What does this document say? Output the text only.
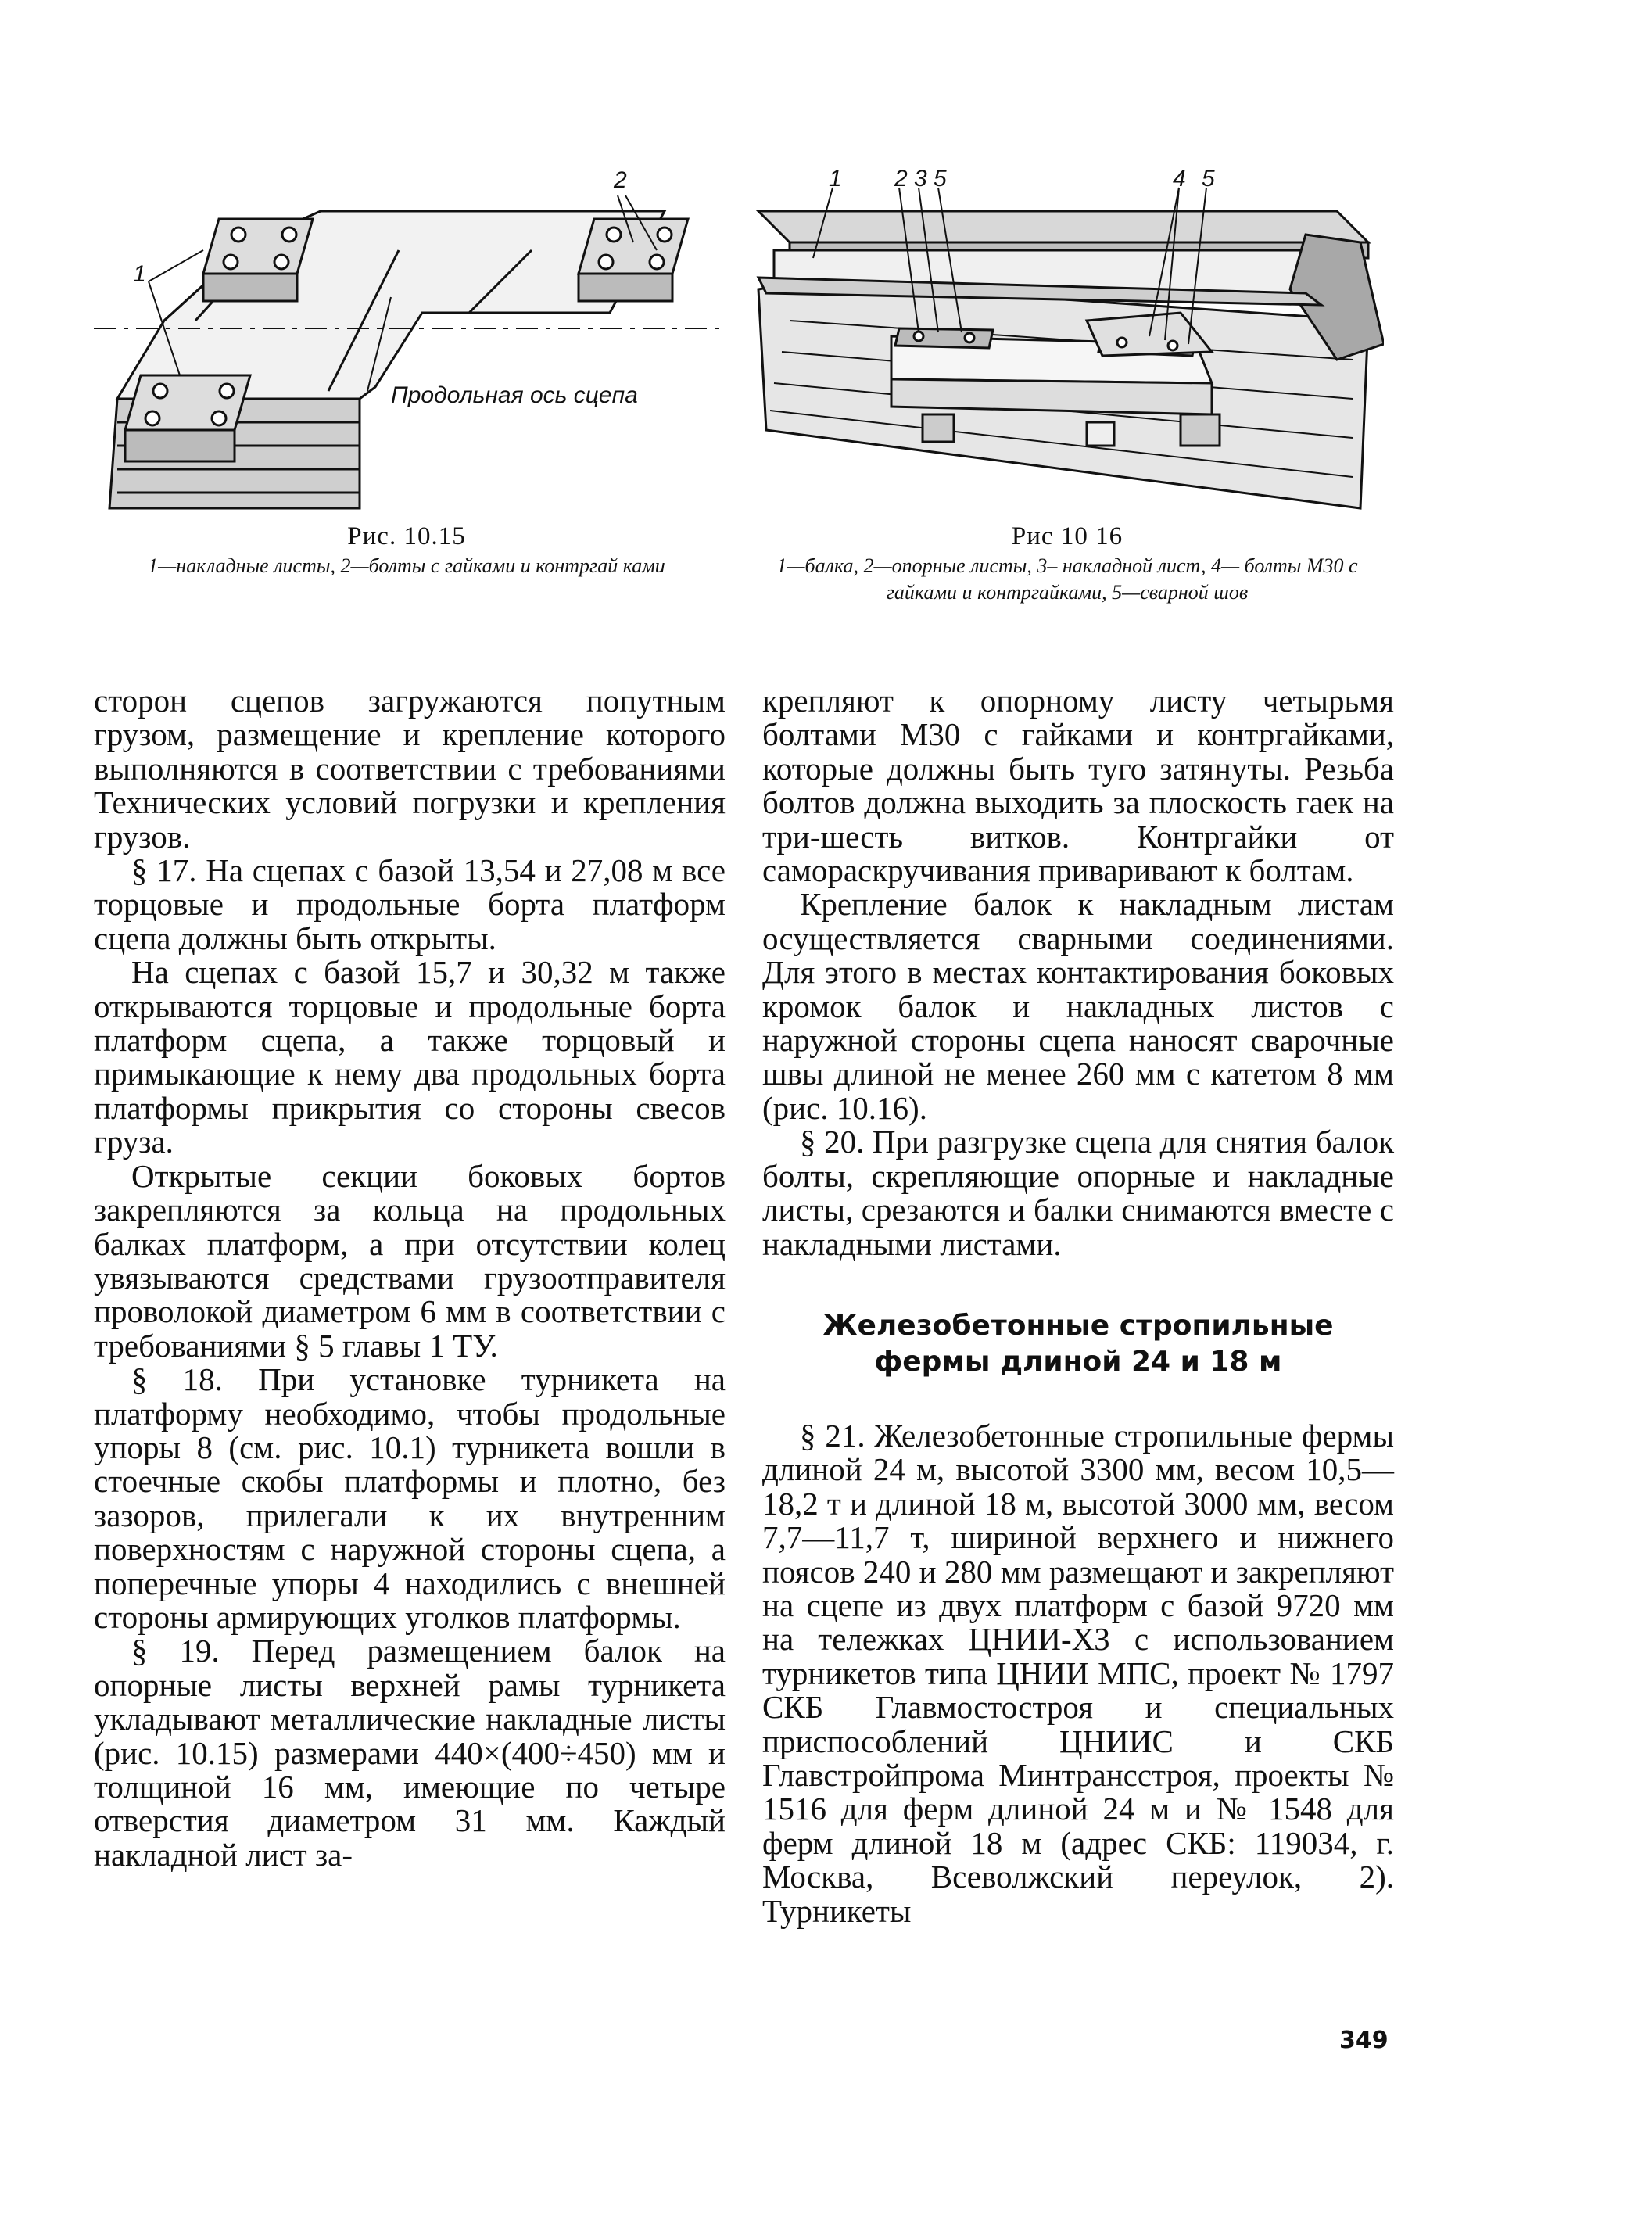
1
2
Продольная ось сцепа
Рис. 10.15
1—накладные листы, 2—болты с гайками и контргай ками
1 2 3 5	4 5
Рис 10 16
1—балка, 2—опорные листы, 3– накладной лист, 4— болты М30 с гайками и контргайками, 5—сварной шов

сторон сцепов загружаются попутным грузом, размещение и крепление которого выполняются в соответствии с требованиями Технических условий погрузки и крепления грузов.

§ 17. На сцепах с базой 13,54 и 27,08 м все торцовые и продольные борта платформ сцепа должны быть открыты.

На сцепах с базой 15,7 и 30,32 м также открываются торцовые и продольные борта платформ сцепа, а также торцовый и примыкающие к нему два продольных борта платформы прикрытия со стороны свесов груза.

Открытые секции боковых бортов закрепляются за кольца на продольных балках платформ, а при отсутствии колец увязываются средствами грузоотправителя проволокой диаметром 6 мм в соответствии с требованиями § 5 главы 1 ТУ.

§ 18. При установке турникета на платформу необходимо, чтобы продольные упоры 8 (см. рис. 10.1) турникета вошли в стоечные скобы платформы и плотно, без зазоров, прилегали к их внутренним поверхностям с наружной стороны сцепа, а поперечные упоры 4 находились с внешней стороны армирующих уголков платформы.

§ 19. Перед размещением балок на опорные листы верхней рамы турникета укладывают металлические накладные листы (рис. 10.15) размерами 440×(400÷450) мм и толщиной 16 мм, имеющие по четыре отверстия диаметром 31 мм. Каждый накладной лист за-

крепляют к опорному листу четырьмя болтами М30 с гайками и контргайками, которые должны быть туго затянуты. Резьба болтов должна выходить за плоскость гаек на три-шесть витков. Контргайки от самораскручивания приваривают к болтам.

Крепление балок к накладным листам осуществляется сварными соединениями. Для этого в местах контактирования боковых кромок балок и накладных листов с наружной стороны сцепа наносят сварочные швы длиной не менее 260 мм с катетом 8 мм (рис. 10.16).

§ 20. При разгрузке сцепа для снятия балок болты, скрепляющие опорные и накладные листы, срезаются и балки снимаются вместе с накладными листами.

Железобетонные стропильные фермы длиной 24 и 18 м

§ 21. Железобетонные стропильные фермы длиной 24 м, высотой 3300 мм, весом 10,5—18,2 т и длиной 18 м, высотой 3000 мм, весом 7,7—11,7 т, шириной верхнего и нижнего поясов 240 и 280 мм размещают и закрепляют на сцепе из двух платформ с базой 9720 мм на тележках ЦНИИ-ХЗ с использованием турникетов типа ЦНИИ МПС, проект № 1797 СКБ Главмостостроя и специальных приспособлений ЦНИИС и СКБ Главстройпрома Минтрансстроя, проекты № 1516 для ферм длиной 24 м и № 1548 для ферм длиной 18 м (адрес СКБ: 119034, г. Москва, Всеволжский переулок, 2). Турникеты

349
